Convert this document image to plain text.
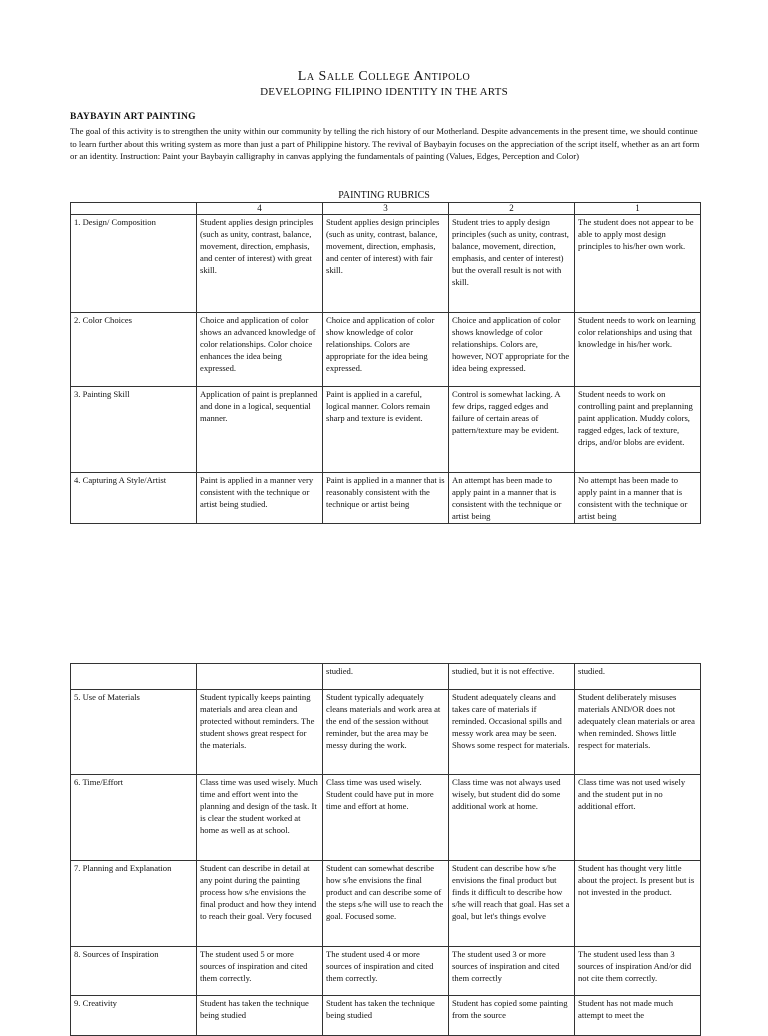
La Salle College Antipolo
DEVELOPING FILIPINO IDENTITY IN THE ARTS
BAYBAYIN ART PAINTING
The goal of this activity is to strengthen the unity within our community by telling the rich history of our Motherland. Despite advancements in the present time, we should continue to learn further about this writing system as more than just a part of Philippine history. The revival of Baybayin focuses on the appreciation of the script itself, whether as an art form or an identity. Instruction: Paint your Baybayin calligraphy in canvas applying the fundamentals of painting (Values, Edges, Perception and Color)
PAINTING RUBRICS
	4	3	2	1
1. Design/ Composition	Student applies design principles (such as unity, contrast, balance, movement, direction, emphasis, and center of interest) with great skill.	Student applies design principles (such as unity, contrast, balance, movement, direction, emphasis, and center of interest) with fair skill.	Student tries to apply design principles (such as unity, contrast, balance, movement, direction, emphasis, and center of interest) but the overall result is not with skill.	The student does not appear to be able to apply most design principles to his/her own work.
2. Color Choices	Choice and application of color shows an advanced knowledge of color relationships. Color choice enhances the idea being expressed.	Choice and application of color show knowledge of color relationships. Colors are appropriate for the idea being expressed.	Choice and application of color shows knowledge of color relationships. Colors are, however, NOT appropriate for the idea being expressed.	Student needs to work on learning color relationships and using that knowledge in his/her work.
3. Painting Skill	Application of paint is preplanned and done in a logical, sequential manner.	Paint is applied in a careful, logical manner. Colors remain sharp and texture is evident.	Control is somewhat lacking. A few drips, ragged edges and failure of certain areas of pattern/texture may be evident.	Student needs to work on controlling paint and preplanning paint application. Muddy colors, ragged edges, lack of texture, drips, and/or blobs are evident.
4. Capturing A Style/Artist	Paint is applied in a manner very consistent with the technique or artist being studied.	Paint is applied in a manner that is reasonably consistent with the technique or artist being	An attempt has been made to apply paint in a manner that is consistent with the technique or artist being	No attempt has been made to apply paint in a manner that is consistent with the technique or artist being
		studied.	studied, but it is not effective.	studied.
5. Use of Materials	Student typically keeps painting materials and area clean and protected without reminders. The student shows great respect for the materials.	Student typically adequately cleans materials and work area at the end of the session without reminder, but the area may be messy during the work.	Student adequately cleans and takes care of materials if reminded. Occasional spills and messy work area may be seen. Shows some respect for materials.	Student deliberately misuses materials AND/OR does not adequately clean materials or area when reminded. Shows little respect for materials.
6. Time/Effort	Class time was used wisely. Much time and effort went into the planning and design of the task. It is clear the student worked at home as well as at school.	Class time was used wisely. Student could have put in more time and effort at home.	Class time was not always used wisely, but student did do some additional work at home.	Class time was not used wisely and the student put in no additional effort.
7. Planning and Explanation	Student can describe in detail at any point during the painting process how s/he envisions the final product and how they intend to reach their goal. Very focused	Student can somewhat describe how s/he envisions the final product and can describe some of the steps s/he will use to reach the goal. Focused some.	Student can describe how s/he envisions the final product but finds it difficult to describe how s/he will reach that goal. Has set a goal, but let's things evolve	Student has thought very little about the project. Is present but is not invested in the product.
8. Sources of Inspiration	The student used 5 or more sources of inspiration and cited them correctly.	The student used 4 or more sources of inspiration and cited them correctly.	The student used 3 or more sources of inspiration and cited them correctly	The student used less than 3 sources of inspiration And/or did not cite them correctly.
9. Creativity	Student has taken the technique being studied	Student has taken the technique being studied	Student has copied some painting from the source	Student has not made much attempt to meet the
